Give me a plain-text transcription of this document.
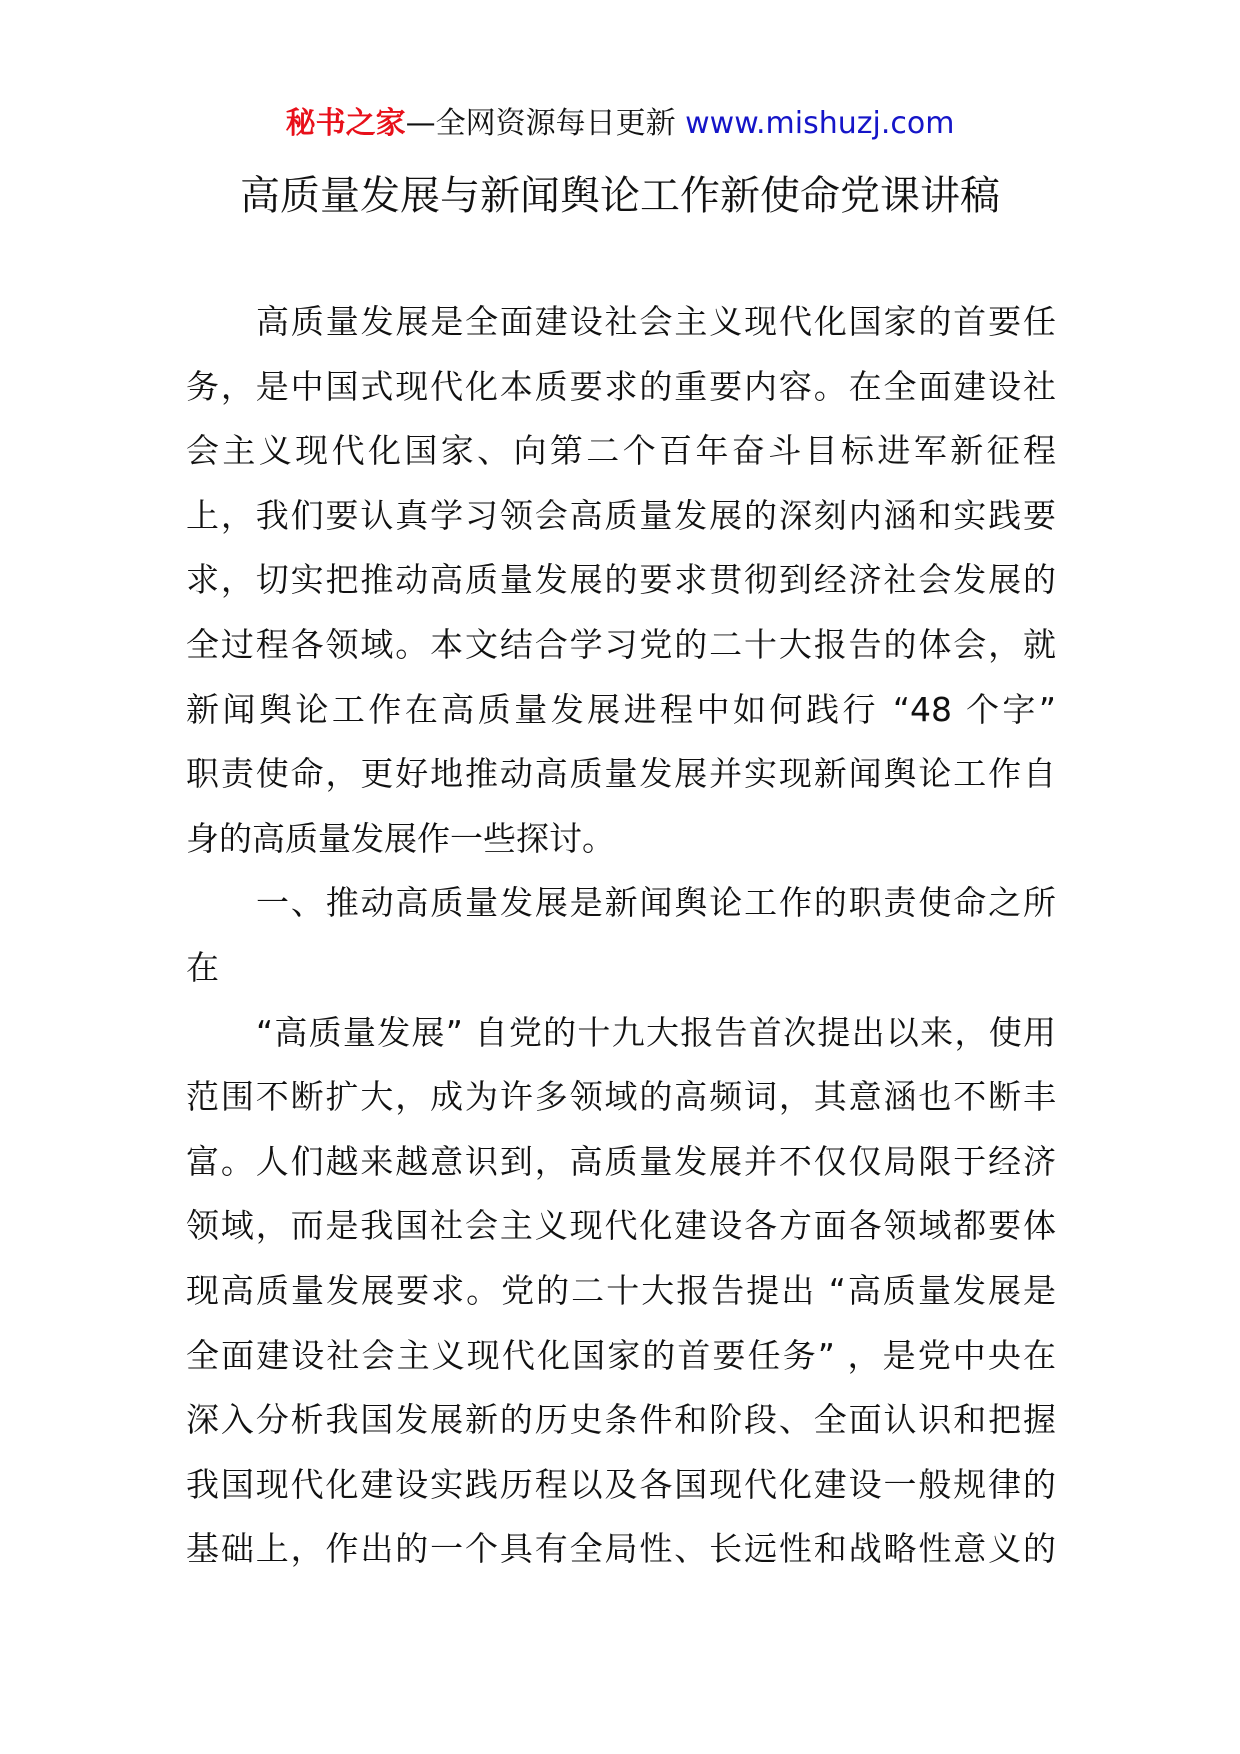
秘书之家—全网资源每日更新 www.mishuzj.com
高质量发展与新闻舆论工作新使命党课讲稿
高质量发展是全面建设社会主义现代化国家的首要任
务，是中国式现代化本质要求的重要内容。在全面建设社
会主义现代化国家、向第二个百年奋斗目标进军新征程
上，我们要认真学习领会高质量发展的深刻内涵和实践要
求，切实把推动高质量发展的要求贯彻到经济社会发展的
全过程各领域。本文结合学习党的二十大报告的体会，就
新闻舆论工作在高质量发展进程中如何践行 “48 个字”
职责使命，更好地推动高质量发展并实现新闻舆论工作自
身的高质量发展作一些探讨。
一、推动高质量发展是新闻舆论工作的职责使命之所
在
“高质量发展” 自党的十九大报告首次提出以来，使用
范围不断扩大，成为许多领域的高频词，其意涵也不断丰
富。人们越来越意识到，高质量发展并不仅仅局限于经济
领域，而是我国社会主义现代化建设各方面各领域都要体
现高质量发展要求。党的二十大报告提出 “高质量发展是
全面建设社会主义现代化国家的首要任务” ，是党中央在
深入分析我国发展新的历史条件和阶段、全面认识和把握
我国现代化建设实践历程以及各国现代化建设一般规律的
基础上，作出的一个具有全局性、长远性和战略性意义的
